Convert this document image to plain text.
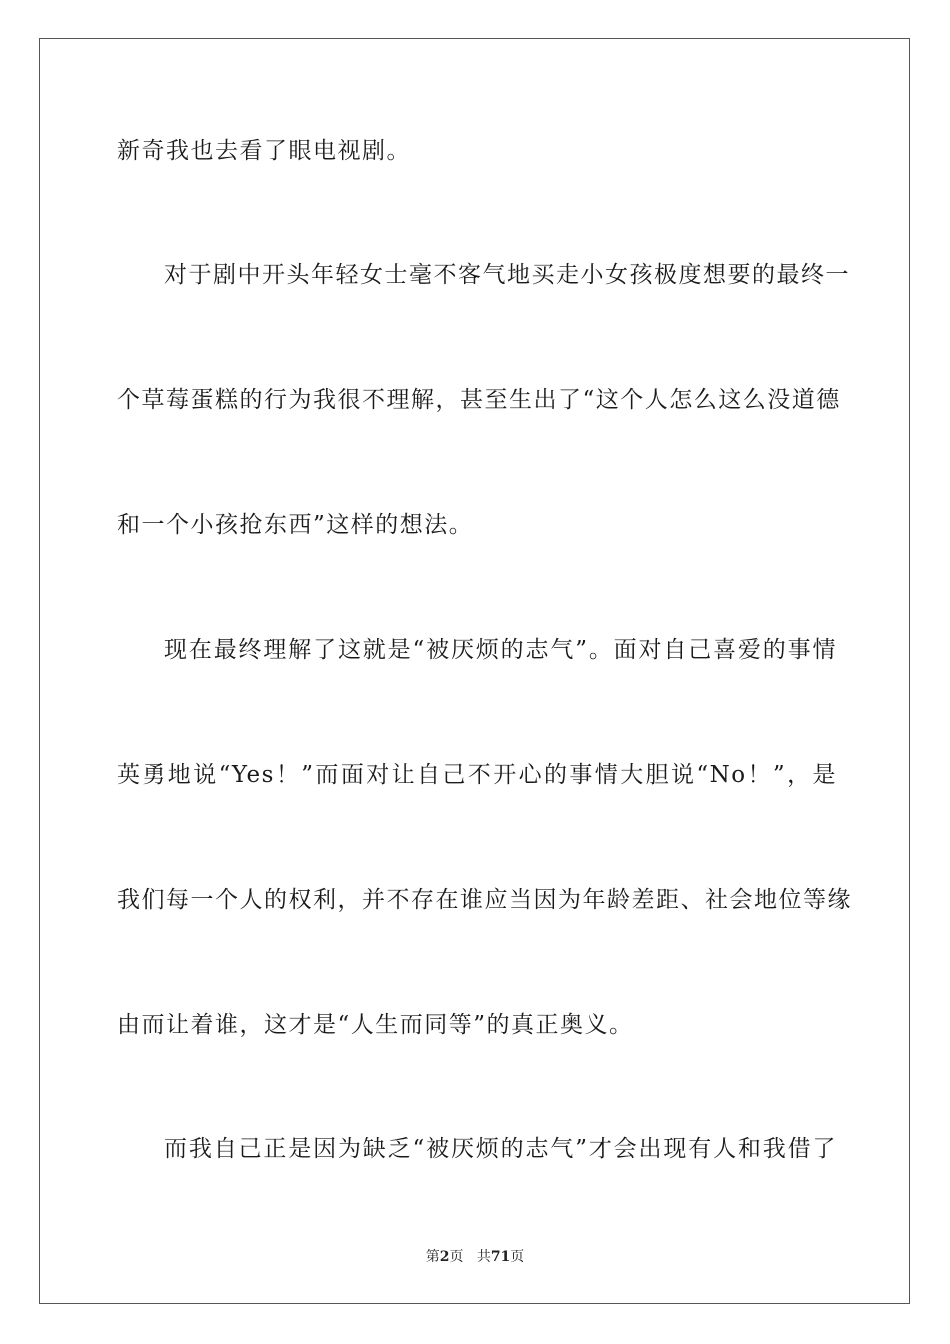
新奇我也去看了眼电视剧。
对于剧中开头年轻女士毫不客气地买走小女孩极度想要的最终一
个草莓蛋糕的行为我很不理解，甚至生出了“这个人怎么这么没道德
和一个小孩抢东西”这样的想法。
现在最终理解了这就是“被厌烦的志气”。面对自己喜爱的事情
英勇地说“Yes！”而面对让自己不开心的事情大胆说“No！”，是
我们每一个人的权利，并不存在谁应当因为年龄差距、社会地位等缘
由而让着谁，这才是“人生而同等”的真正奥义。
而我自己正是因为缺乏“被厌烦的志气”才会出现有人和我借了
第2页 共71页
